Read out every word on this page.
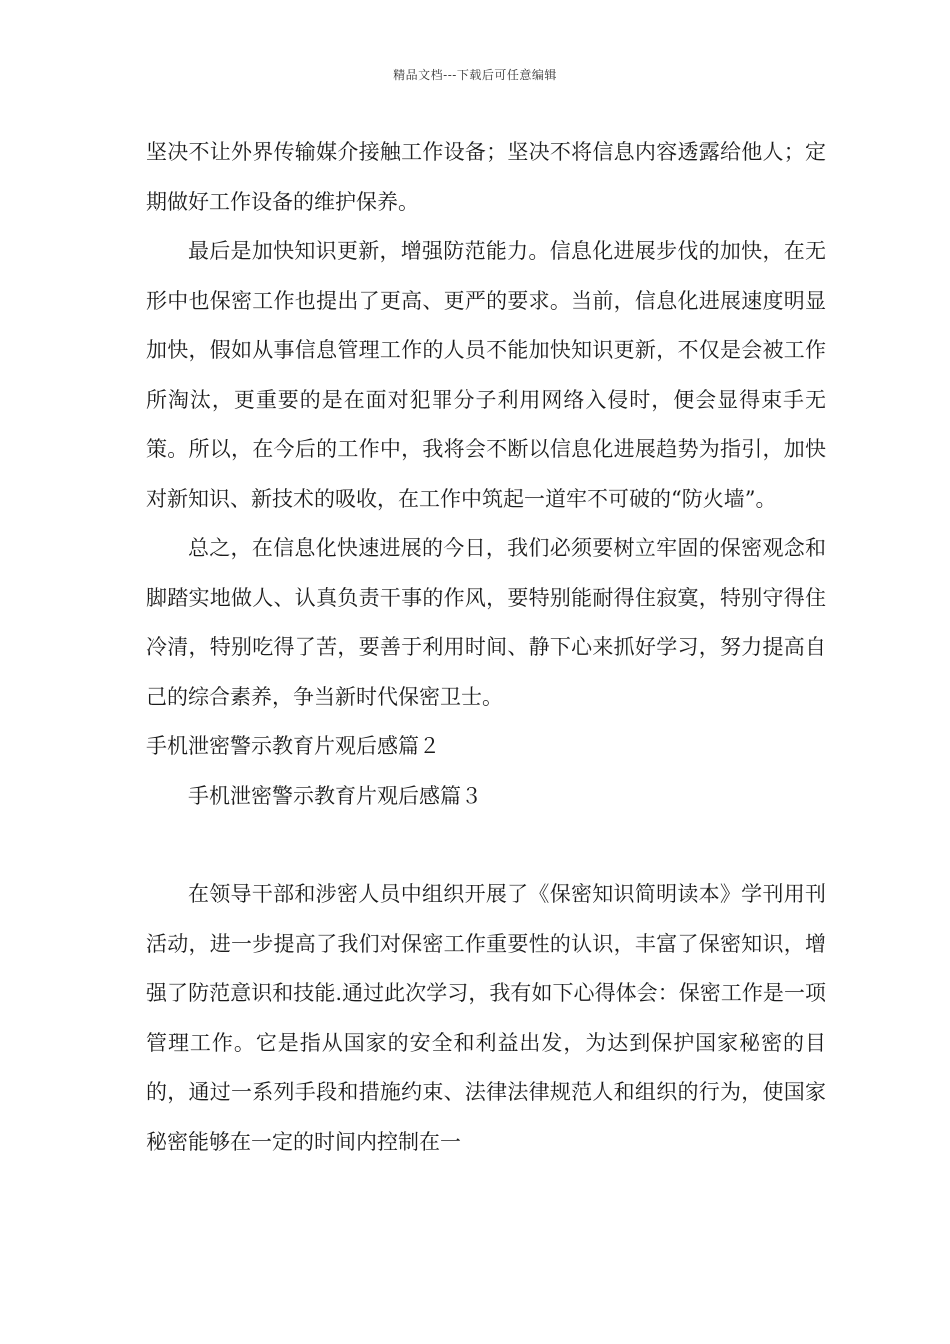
精品文档---下载后可任意编辑

坚决不让外界传输媒介接触工作设备；坚决不将信息内容透露给他人；定期做好工作设备的维护保养。

最后是加快知识更新，增强防范能力。信息化进展步伐的加快，在无形中也保密工作也提出了更高、更严的要求。当前，信息化进展速度明显加快，假如从事信息管理工作的人员不能加快知识更新，不仅是会被工作所淘汰，更重要的是在面对犯罪分子利用网络入侵时，便会显得束手无策。所以，在今后的工作中，我将会不断以信息化进展趋势为指引，加快对新知识、新技术的吸收，在工作中筑起一道牢不可破的“防火墙”。

总之，在信息化快速进展的今日，我们必须要树立牢固的保密观念和脚踏实地做人、认真负责干事的作风，要特别能耐得住寂寞，特别守得住冷清，特别吃得了苦，要善于利用时间、静下心来抓好学习，努力提高自己的综合素养，争当新时代保密卫士。

手机泄密警示教育片观后感篇２

手机泄密警示教育片观后感篇３

在领导干部和涉密人员中组织开展了《保密知识简明读本》学刊用刊活动，进一步提高了我们对保密工作重要性的认识，丰富了保密知识，增强了防范意识和技能.通过此次学习，我有如下心得体会：保密工作是一项管理工作。它是指从国家的安全和利益出发，为达到保护国家秘密的目的，通过一系列手段和措施约束、法律法律规范人和组织的行为，使国家秘密能够在一定的时间内控制在一
